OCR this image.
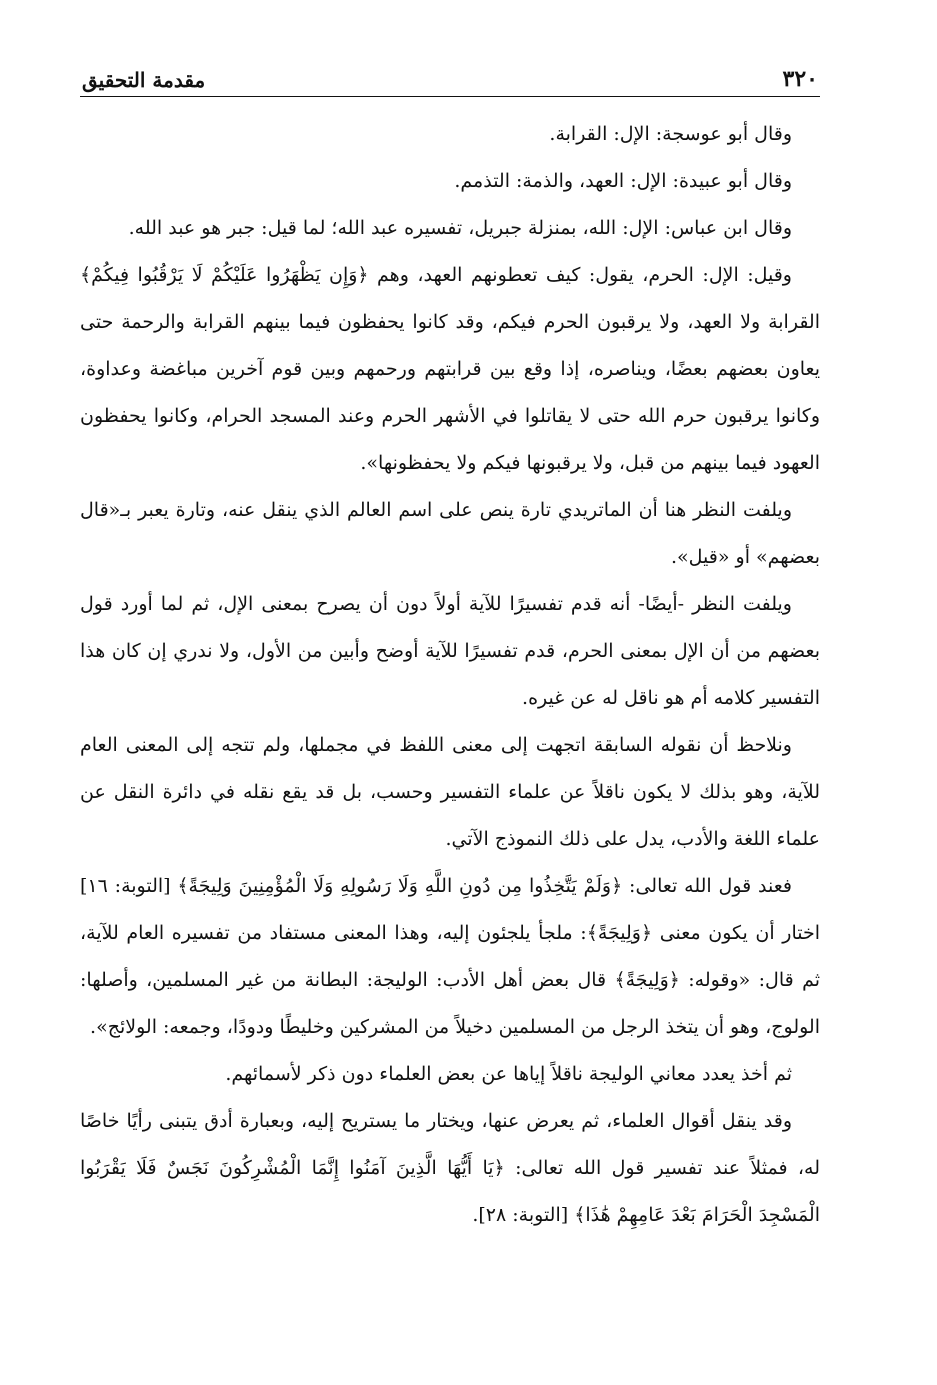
٣٢٠
مقدمة التحقيق

وقال أبو عوسجة: الإل: القرابة.

وقال أبو عبيدة: الإل: العهد، والذمة: التذمم.

وقال ابن عباس: الإل: الله، بمنزلة جبريل، تفسيره عبد الله؛ لما قيل: جبر هو عبد الله.

وقيل: الإل: الحرم، يقول: كيف تعطونهم العهد، وهم ﴿وَإِن يَظْهَرُوا عَلَيْكُمْ لَا يَرْقُبُوا فِيكُمْ﴾ القرابة ولا العهد، ولا يرقبون الحرم فيكم، وقد كانوا يحفظون فيما بينهم القرابة والرحمة حتى يعاون بعضهم بعضًا، ويناصره، إذا وقع بين قرابتهم ورحمهم وبين قوم آخرين مباغضة وعداوة، وكانوا يرقبون حرم الله حتى لا يقاتلوا في الأشهر الحرم وعند المسجد الحرام، وكانوا يحفظون العهود فيما بينهم من قبل، ولا يرقبونها فيكم ولا يحفظونها».

ويلفت النظر هنا أن الماتريدي تارة ينص على اسم العالم الذي ينقل عنه، وتارة يعبر بـ«قال بعضهم» أو «قيل».

ويلفت النظر -أيضًا- أنه قدم تفسيرًا للآية أولاً دون أن يصرح بمعنى الإل، ثم لما أورد قول بعضهم من أن الإل بمعنى الحرم، قدم تفسيرًا للآية أوضح وأبين من الأول، ولا ندري إن كان هذا التفسير كلامه أم هو ناقل له عن غيره.

ونلاحظ أن نقوله السابقة اتجهت إلى معنى اللفظ في مجملها، ولم تتجه إلى المعنى العام للآية، وهو بذلك لا يكون ناقلاً عن علماء التفسير وحسب، بل قد يقع نقله في دائرة النقل عن علماء اللغة والأدب، يدل على ذلك النموذج الآتي.

فعند قول الله تعالى: ﴿وَلَمْ يَتَّخِذُوا مِن دُونِ اللَّهِ وَلَا رَسُولِهِ وَلَا الْمُؤْمِنِينَ وَلِيجَةً﴾ [التوبة: ١٦] اختار أن يكون معنى ﴿وَلِيجَةً﴾: ملجأ يلجئون إليه، وهذا المعنى مستفاد من تفسيره العام للآية، ثم قال: «وقوله: ﴿وَلِيجَةً﴾ قال بعض أهل الأدب: الوليجة: البطانة من غير المسلمين، وأصلها: الولوج، وهو أن يتخذ الرجل من المسلمين دخيلاً من المشركين وخليطًا ودودًا، وجمعه: الولائج».

ثم أخذ يعدد معاني الوليجة ناقلاً إياها عن بعض العلماء دون ذكر لأسمائهم.

وقد ينقل أقوال العلماء، ثم يعرض عنها، ويختار ما يستريح إليه، وبعبارة أدق يتبنى رأيًا خاصًا له، فمثلاً عند تفسير قول الله تعالى: ﴿يَا أَيُّهَا الَّذِينَ آمَنُوا إِنَّمَا الْمُشْرِكُونَ نَجَسٌ فَلَا يَقْرَبُوا الْمَسْجِدَ الْحَرَامَ بَعْدَ عَامِهِمْ هَٰذَا﴾ [التوبة: ٢٨].
